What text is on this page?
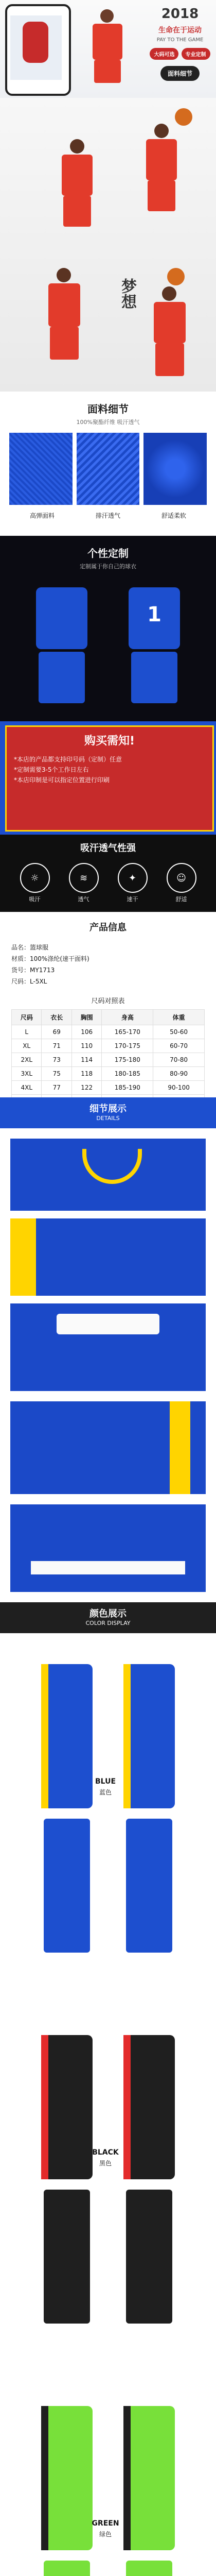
2018
生命在于运动
PAY TO THE GAME
大码可选 专业定制
面料细节
梦想
面料细节
100%聚酯纤维 吸汗透气
高弹面料	排汗透气	舒适柔软
个性定制
定制属于你自己的球衣
1
购买需知!
*本店的产品都支持印号码（定制）任意
*定制需要3-5个工作日左右
*本店印制是可以指定位置进行印刷
吸汗透气性强
☼
吸汗
≋
透气
✦
速干
☺
舒适
产品信息
品名：篮球服
材质：100%涤纶(速干面料)
货号：MY1713
尺码：L-5XL
尺码对照表
尺码	衣长	胸围	身高	体重
L	69	106	165-170	50-60
XL	71	110	170-175	60-70
2XL	73	114	175-180	70-80
3XL	75	118	180-185	80-90
4XL	77	122	185-190	90-100

细节展示
DETAILS
颜色展示
COLOR DISPLAY
BLUE
蓝色
BLACK
黑色
GREEN
绿色
